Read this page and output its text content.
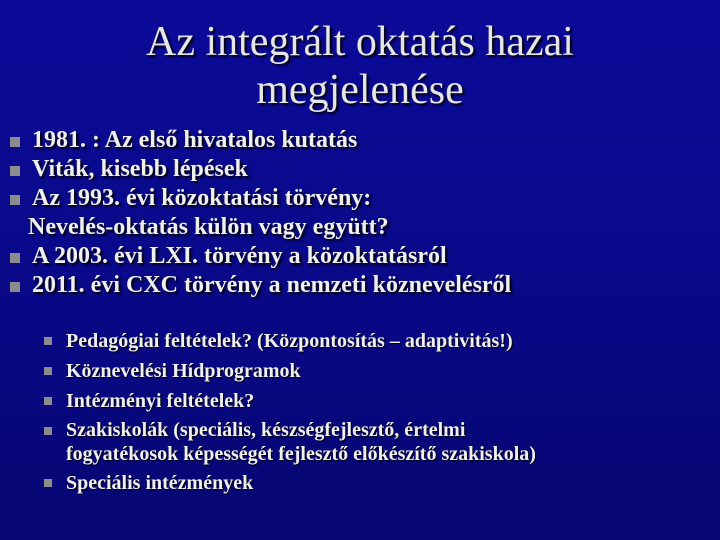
Az integrált oktatás hazai
megjelenése
1981. : Az első hivatalos kutatás
Viták, kisebb lépések
Az 1993. évi közoktatási törvény:
Nevelés-oktatás külön vagy együtt?
A 2003. évi LXI. törvény a közoktatásról
2011. évi CXC törvény a nemzeti köznevelésről
Pedagógiai feltételek? (Központosítás – adaptivitás!)
Köznevelési Hídprogramok
Intézményi feltételek?
Szakiskolák (speciális, készségfejlesztő, értelmi
fogyatékosok képességét fejlesztő előkészítő szakiskola)
Speciális intézmények
